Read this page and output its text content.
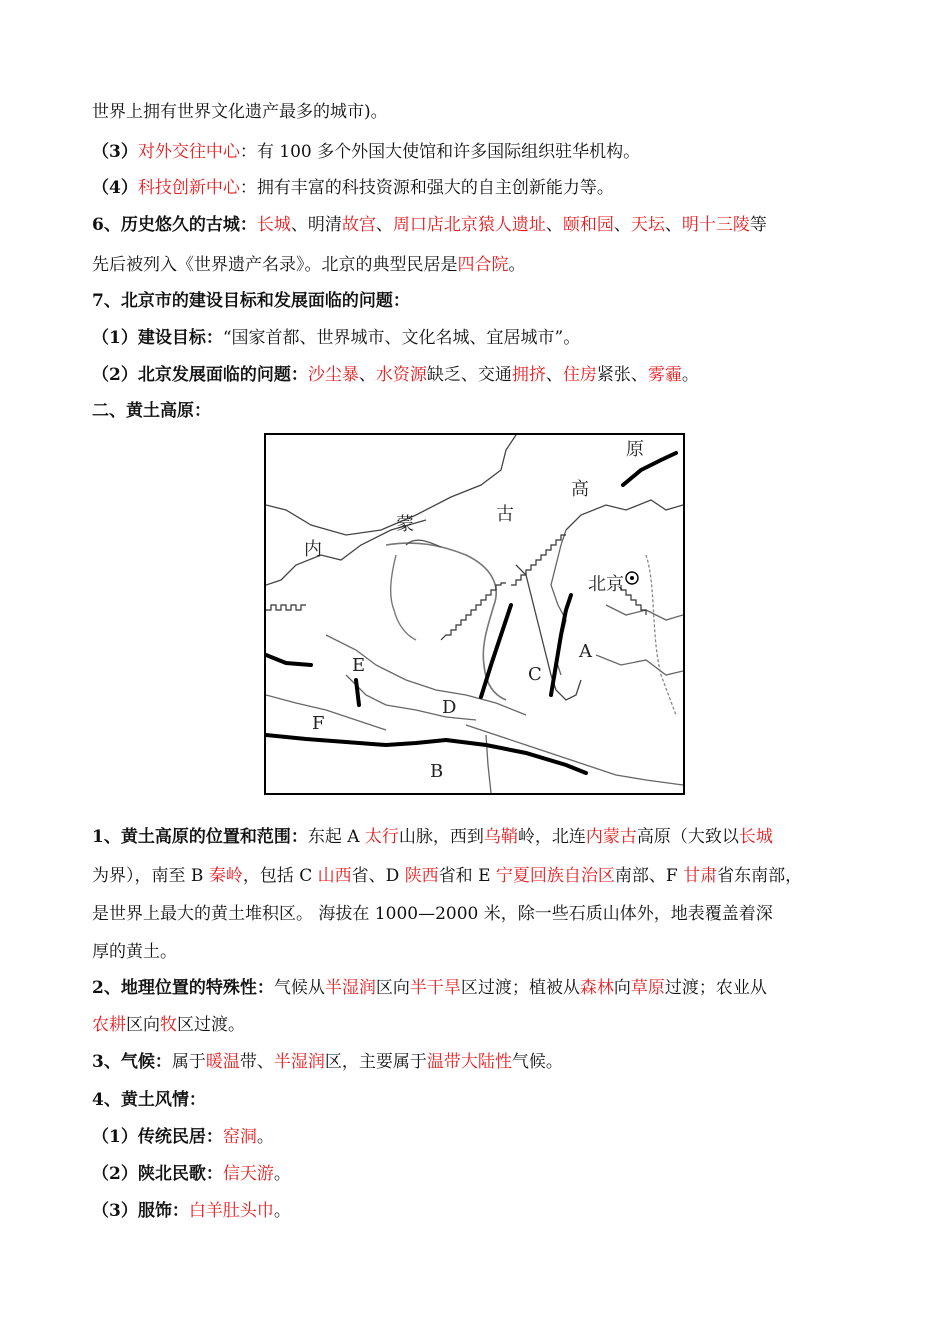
世界上拥有世界文化遗产最多的城市)。
（3）对外交往中心：有 100 多个外国大使馆和许多国际组织驻华机构。
（4）科技创新中心：拥有丰富的科技资源和强大的自主创新能力等。
6、历史悠久的古城：长城、明清故宫、周口店北京猿人遗址、颐和园、天坛、明十三陵等
先后被列入《世界遗产名录》。北京的典型民居是四合院。
7、北京市的建设目标和发展面临的问题：
（1）建设目标：“国家首都、世界城市、文化名城、宜居城市”。
（2）北京发展面临的问题：沙尘暴、水资源缺乏、交通拥挤、住房紧张、雾霾。
二、黄土高原：
原
高
古
蒙
内
北京
A
B
C
D
E
F
1、黄土高原的位置和范围：东起 A 太行山脉，西到乌鞘岭，北连内蒙古高原（大致以长城
为界），南至 B 秦岭，包括 C 山西省、D 陕西省和 E 宁夏回族自治区南部、F 甘肃省东南部，
是世界上最大的黄土堆积区。 海拔在 1000—2000 米，除一些石质山体外，地表覆盖着深
厚的黄土。
2、地理位置的特殊性：气候从半湿润区向半干旱区过渡；植被从森林向草原过渡；农业从
农耕区向牧区过渡。
3、气候：属于暖温带、半湿润区，主要属于温带大陆性气候。
4、黄土风情：
（1）传统民居：窑洞。
（2）陕北民歌：信天游。
（3）服饰：白羊肚头巾。
